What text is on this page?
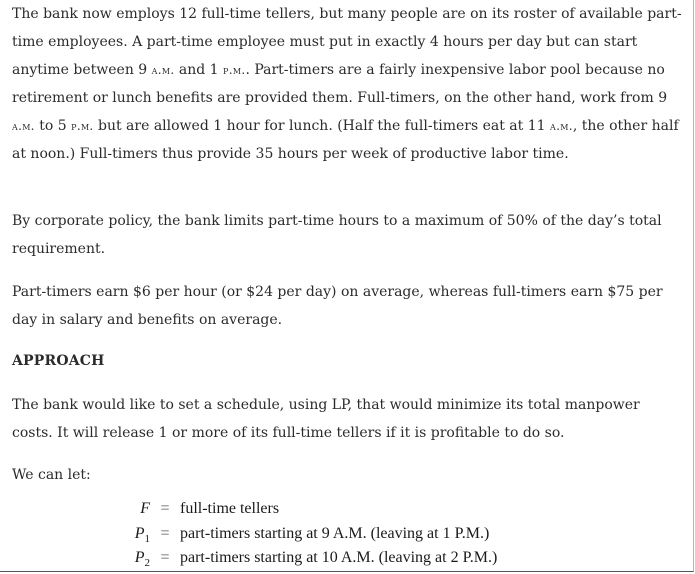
The bank now employs 12 full-time tellers, but many people are on its roster of available part-time employees. A part-time employee must put in exactly 4 hours per day but can start anytime between 9 a.m. and 1 p.m.. Part-timers are a fairly inexpensive labor pool because no retirement or lunch benefits are provided them. Full-timers, on the other hand, work from 9 a.m. to 5 p.m. but are allowed 1 hour for lunch. (Half the full-timers eat at 11 a.m., the other half at noon.) Full-timers thus provide 35 hours per week of productive labor time.

By corporate policy, the bank limits part-time hours to a maximum of 50% of the day’s total requirement.

Part-timers earn $6 per hour (or $24 per day) on average, whereas full-timers earn $75 per day in salary and benefits on average.

APPROACH

The bank would like to set a schedule, using LP, that would minimize its total manpower costs. It will release 1 or more of its full-time tellers if it is profitable to do so.

We can let:

F = full-time tellers
$P_1$ = part-timers starting at 9 A.M. (leaving at 1 P.M.)
$P_2$ = part-timers starting at 10 A.M. (leaving at 2 P.M.)
